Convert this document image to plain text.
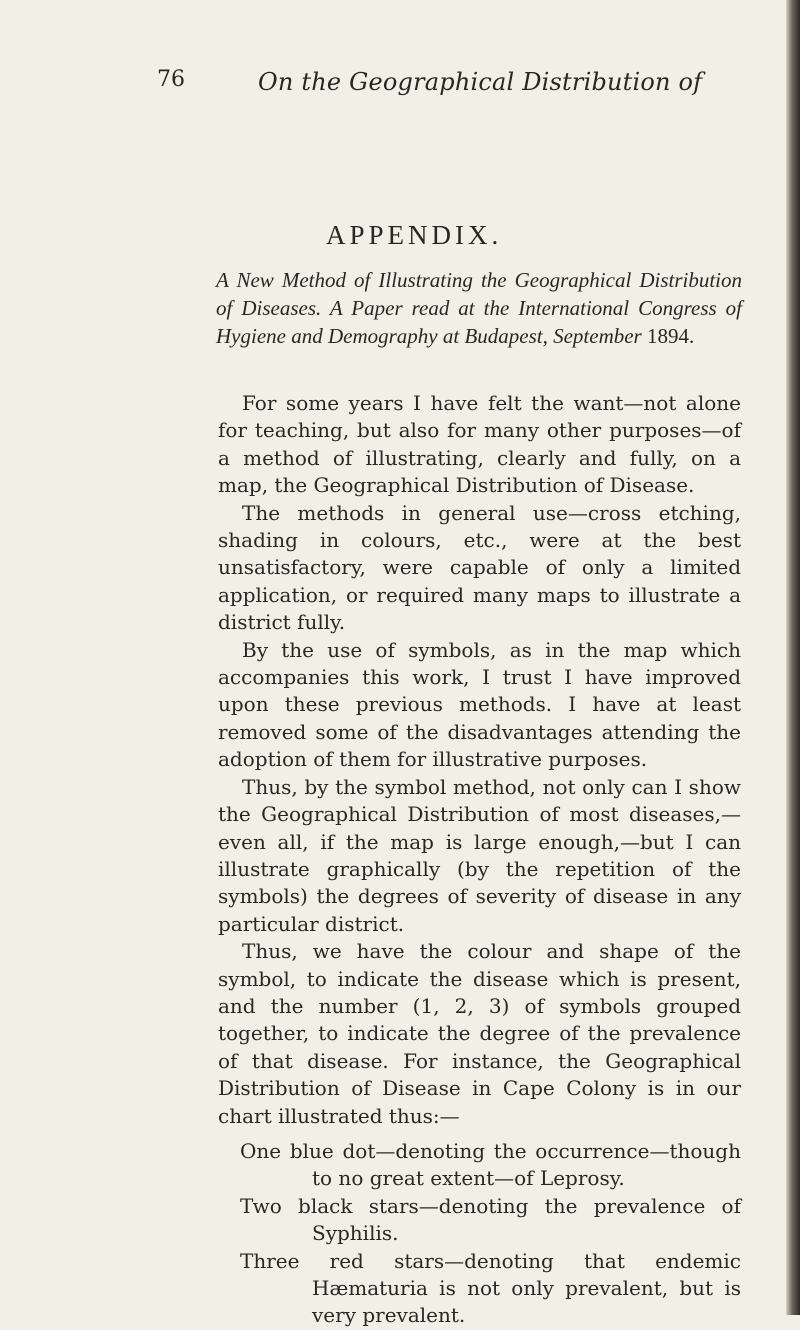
76	On the Geographical Distribution of
APPENDIX.
A New Method of Illustrating the Geographical Distribution of Diseases. A Paper read at the International Congress of Hygiene and Demography at Budapest, September 1894.

For some years I have felt the want—not alone for teaching, but also for many other purposes—of a method of illustrating, clearly and fully, on a map, the Geographical Distribution of Disease.

The methods in general use—cross etching, shading in colours, etc., were at the best unsatisfactory, were capable of only a limited application, or required many maps to illustrate a district fully.

By the use of symbols, as in the map which accompanies this work, I trust I have improved upon these previous methods. I have at least removed some of the disadvantages attending the adoption of them for illustrative purposes.

Thus, by the symbol method, not only can I show the Geographical Distribution of most diseases,—even all, if the map is large enough,—but I can illustrate graphically (by the repetition of the symbols) the degrees of severity of disease in any particular district.

Thus, we have the colour and shape of the symbol, to indicate the disease which is present, and the number (1, 2, 3) of symbols grouped together, to indicate the degree of the prevalence of that disease. For instance, the Geographical Distribution of Disease in Cape Colony is in our chart illustrated thus:—

One blue dot—denoting the occurrence—though to no great extent—of Leprosy.

Two black stars—denoting the prevalence of Syphilis.

Three red stars—denoting that endemic Hæmaturia is not only prevalent, but is very prevalent.
